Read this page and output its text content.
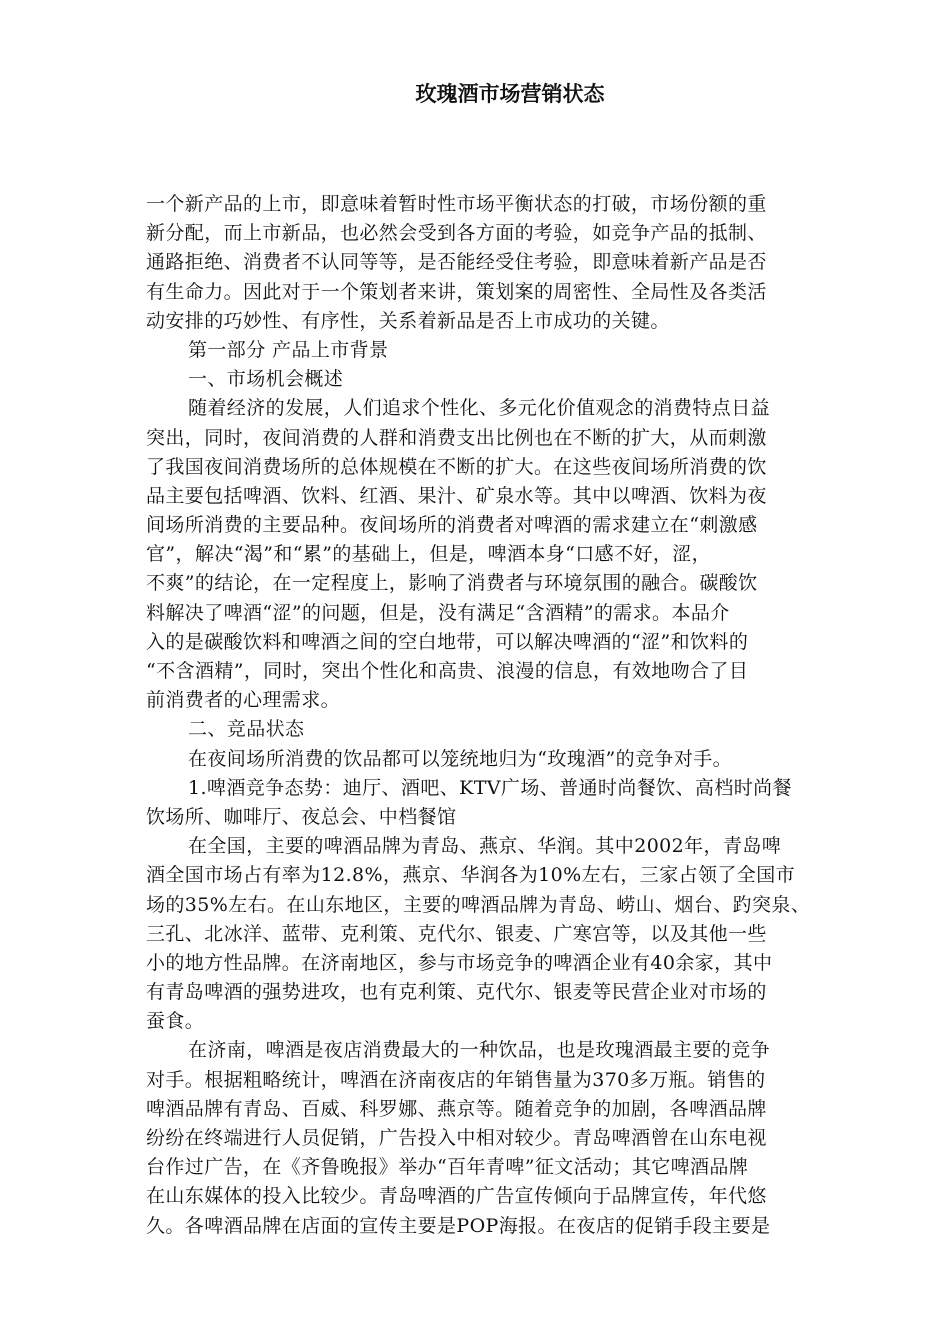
玫瑰酒市场营销状态
一个新产品的上市，即意味着暂时性市场平衡状态的打破，市场份额的重
新分配，而上市新品，也必然会受到各方面的考验，如竞争产品的抵制、
通路拒绝、消费者不认同等等，是否能经受住考验，即意味着新产品是否
有生命力。因此对于一个策划者来讲，策划案的周密性、全局性及各类活
动安排的巧妙性、有序性，关系着新品是否上市成功的关键。
第一部分 产品上市背景
一、市场机会概述
随着经济的发展，人们追求个性化、多元化价值观念的消费特点日益
突出，同时，夜间消费的人群和消费支出比例也在不断的扩大，从而刺激
了我国夜间消费场所的总体规模在不断的扩大。在这些夜间场所消费的饮
品主要包括啤酒、饮料、红酒、果汁、矿泉水等。其中以啤酒、饮料为夜
间场所消费的主要品种。夜间场所的消费者对啤酒的需求建立在“刺激感
官”，解决“渴”和“累”的基础上，但是，啤酒本身“口感不好，涩，
不爽”的结论，在一定程度上，影响了消费者与环境氛围的融合。碳酸饮
料解决了啤酒“涩”的问题，但是，没有满足“含酒精”的需求。本品介
入的是碳酸饮料和啤酒之间的空白地带，可以解决啤酒的“涩”和饮料的
“不含酒精”，同时，突出个性化和高贵、浪漫的信息，有效地吻合了目
前消费者的心理需求。
二、竞品状态
在夜间场所消费的饮品都可以笼统地归为“玫瑰酒”的竞争对手。
1.啤酒竞争态势：迪厅、酒吧、KTV广场、普通时尚餐饮、高档时尚餐
饮场所、咖啡厅、夜总会、中档餐馆
在全国，主要的啤酒品牌为青岛、燕京、华润。其中2002年，青岛啤
酒全国市场占有率为12.8%，燕京、华润各为10%左右，三家占领了全国市
场的35%左右。在山东地区，主要的啤酒品牌为青岛、崂山、烟台、趵突泉、
三孔、北冰洋、蓝带、克利策、克代尔、银麦、广寒宫等，以及其他一些
小的地方性品牌。在济南地区，参与市场竞争的啤酒企业有40余家，其中
有青岛啤酒的强势进攻，也有克利策、克代尔、银麦等民营企业对市场的
蚕食。
在济南，啤酒是夜店消费最大的一种饮品，也是玫瑰酒最主要的竞争
对手。根据粗略统计，啤酒在济南夜店的年销售量为370多万瓶。销售的
啤酒品牌有青岛、百威、科罗娜、燕京等。随着竞争的加剧，各啤酒品牌
纷纷在终端进行人员促销，广告投入中相对较少。青岛啤酒曾在山东电视
台作过广告，在《齐鲁晚报》举办“百年青啤”征文活动；其它啤酒品牌
在山东媒体的投入比较少。青岛啤酒的广告宣传倾向于品牌宣传，年代悠
久。各啤酒品牌在店面的宣传主要是POP海报。在夜店的促销手段主要是
